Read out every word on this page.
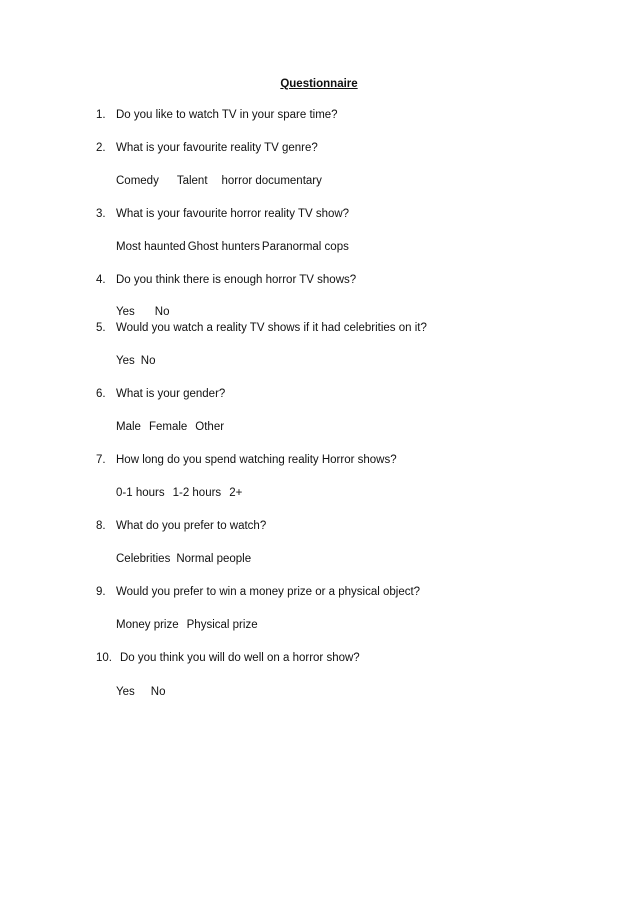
Questionnaire
1. Do you like to watch TV in your spare time?
2. What is your favourite reality TV genre?
Comedy Talent horror documentary
3. What is your favourite horror reality TV show?
Most haunted Ghost hunters Paranormal cops
4. Do you think there is enough horror TV shows?
Yes No
5. Would you watch a reality TV shows if it had celebrities on it?
Yes No
6. What is your gender?
Male Female Other
7. How long do you spend watching reality Horror shows?
0-1 hours 1-2 hours 2+
8. What do you prefer to watch?
Celebrities Normal people
9. Would you prefer to win a money prize or a physical object?
Money prize Physical prize
10. Do you think you will do well on a horror show?
Yes No
